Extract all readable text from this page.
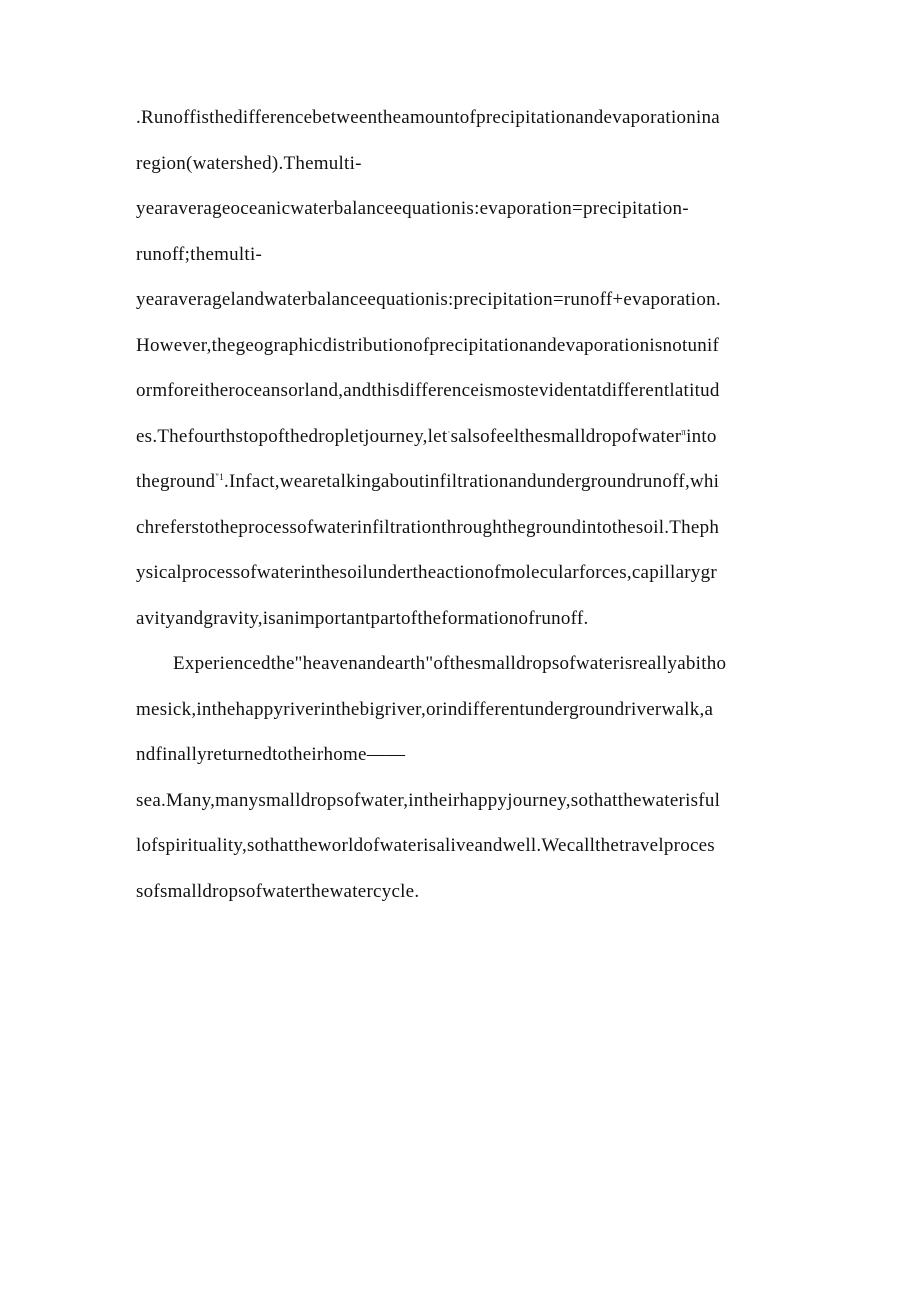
.Runoffisthedifferencebetweentheamountofprecipitationandevaporationina
region(watershed).Themulti-
yearaverageoceanicwaterbalanceequationis:evaporation=precipitation-
runoff;themulti-
yearaveragelandwaterbalanceequationis:precipitation=runoff+evaporation.
However,thegeographicdistributionofprecipitationandevaporationisnotunif
ormforeitheroceansorland,andthisdifferenceismostevidentatdifferentlatitud
es.Thefourthstopofthedropletjourney,let·salsofeelthesmalldropofwater$^\pi$into
theground$^{"1}$.Infact,wearetalkingaboutinfiltrationandundergroundrunoff,whi
chreferstotheprocessofwaterinfiltrationthroughthegroundintothesoil.Theph
ysicalprocessofwaterinthesoilundertheactionofmolecularforces,capillarygr
avityandgravity,isanimportantpartoftheformationofrunoff.
Experiencedthe"heavenandearth"ofthesmalldropsofwaterisreallyabitho
mesick,inthehappyriverinthebigriver,orindifferentundergroundriverwalk,a
ndfinallyreturnedtotheirhome——
sea.Many,manysmalldropsofwater,intheirhappyjourney,sothatthewaterisful
lofspirituality,sothattheworldofwaterisaliveandwell.Wecallthetravelproces
sofsmalldropsofwaterthewatercycle.
